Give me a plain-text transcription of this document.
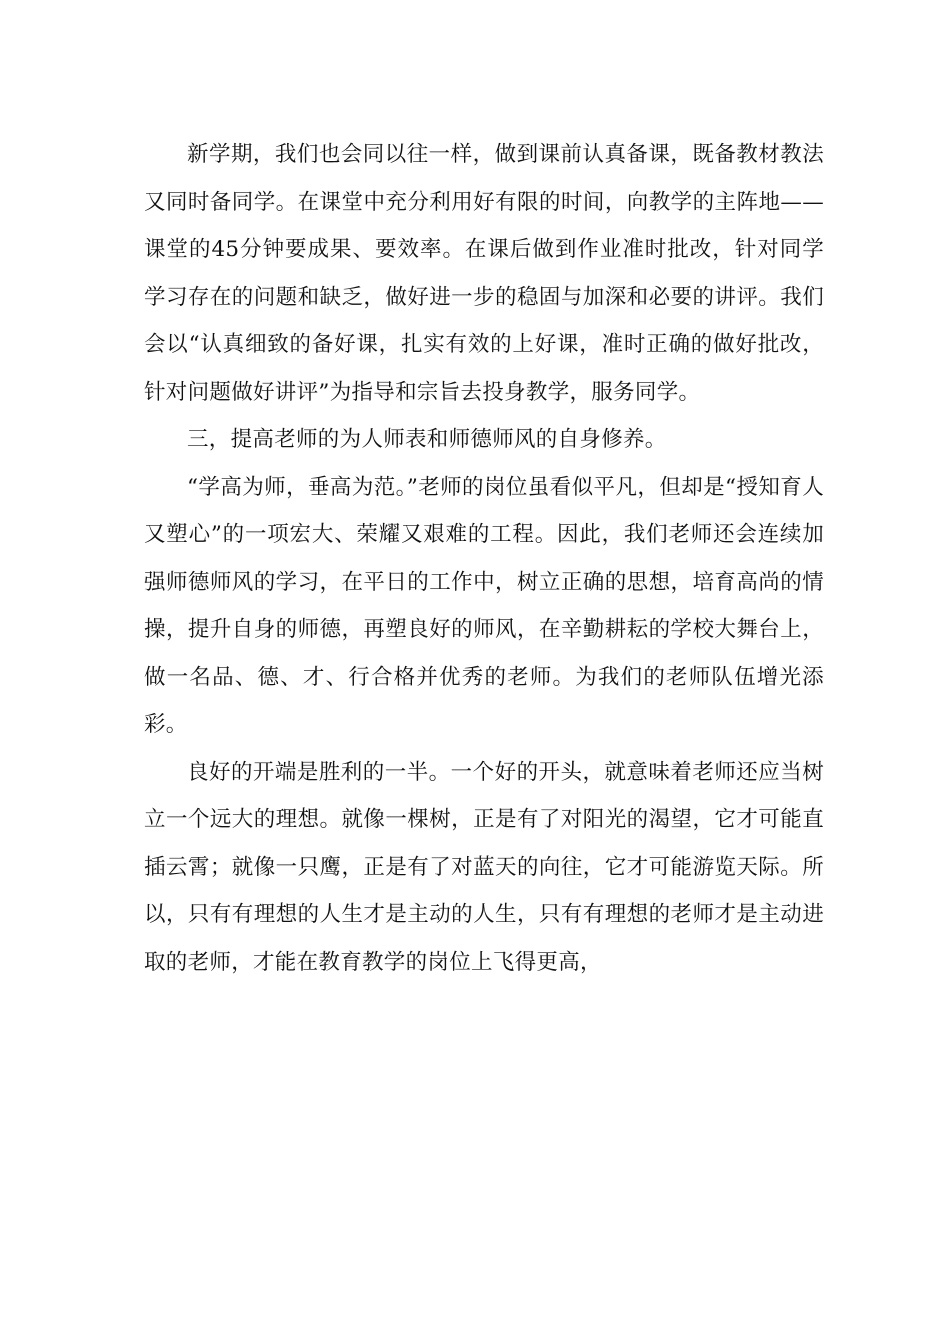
新学期，我们也会同以往一样，做到课前认真备课，既备教材教法又同时备同学。在课堂中充分利用好有限的时间，向教学的主阵地——课堂的45分钟要成果、要效率。在课后做到作业准时批改，针对同学学习存在的问题和缺乏，做好进一步的稳固与加深和必要的讲评。我们会以“认真细致的备好课，扎实有效的上好课，准时正确的做好批改，针对问题做好讲评”为指导和宗旨去投身教学，服务同学。

三，提高老师的为人师表和师德师风的自身修养。

“学高为师，垂高为范。”老师的岗位虽看似平凡，但却是“授知育人又塑心”的一项宏大、荣耀又艰难的工程。因此，我们老师还会连续加强师德师风的学习，在平日的工作中，树立正确的思想，培育高尚的情操，提升自身的师德，再塑良好的师风，在辛勤耕耘的学校大舞台上，做一名品、德、才、行合格并优秀的老师。为我们的老师队伍增光添彩。

良好的开端是胜利的一半。一个好的开头，就意味着老师还应当树立一个远大的理想。就像一棵树，正是有了对阳光的渴望，它才可能直插云霄；就像一只鹰，正是有了对蓝天的向往，它才可能游览天际。所以，只有有理想的人生才是主动的人生，只有有理想的老师才是主动进取的老师，才能在教育教学的岗位上飞得更高，
